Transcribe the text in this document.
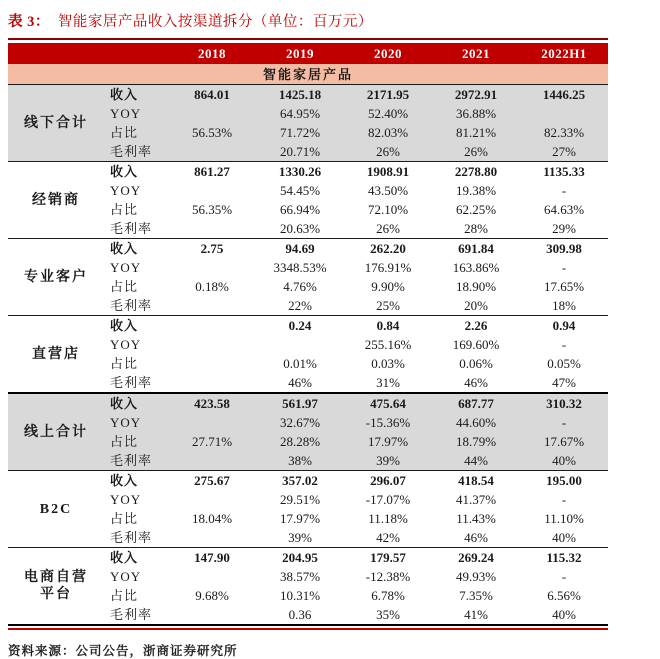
表 3： 智能家居产品收入按渠道拆分（单位：百万元）
		2018	2019	2020	2021	2022H1
智能家居产品						
线下合计	收入	864.01	1425.18	2171.95	2972.91	1446.25
	YOY		64.95%	52.40%	36.88%	
	占比	56.53%	71.72%	82.03%	81.21%	82.33%
	毛利率		20.71%	26%	26%	27%
经销商	收入	861.27	1330.26	1908.91	2278.80	1135.33
	YOY		54.45%	43.50%	19.38%	-
	占比	56.35%	66.94%	72.10%	62.25%	64.63%
	毛利率		20.63%	26%	28%	29%
专业客户	收入	2.75	94.69	262.20	691.84	309.98
	YOY		3348.53%	176.91%	163.86%	-
	占比	0.18%	4.76%	9.90%	18.90%	17.65%
	毛利率		22%	25%	20%	18%
直营店	收入		0.24	0.84	2.26	0.94
	YOY			255.16%	169.60%	-
	占比		0.01%	0.03%	0.06%	0.05%
	毛利率		46%	31%	46%	47%
线上合计	收入	423.58	561.97	475.64	687.77	310.32
	YOY		32.67%	-15.36%	44.60%	-
	占比	27.71%	28.28%	17.97%	18.79%	17.67%
	毛利率		38%	39%	44%	40%
B2C	收入	275.67	357.02	296.07	418.54	195.00
	YOY		29.51%	-17.07%	41.37%	-
	占比	18.04%	17.97%	11.18%	11.43%	11.10%
	毛利率		39%	42%	46%	40%
电商自营平台	收入	147.90	204.95	179.57	269.24	115.32
	YOY		38.57%	-12.38%	49.93%	-
	占比	9.68%	10.31%	6.78%	7.35%	6.56%
	毛利率		0.36	35%	41%	40%
资料来源：公司公告，浙商证券研究所
